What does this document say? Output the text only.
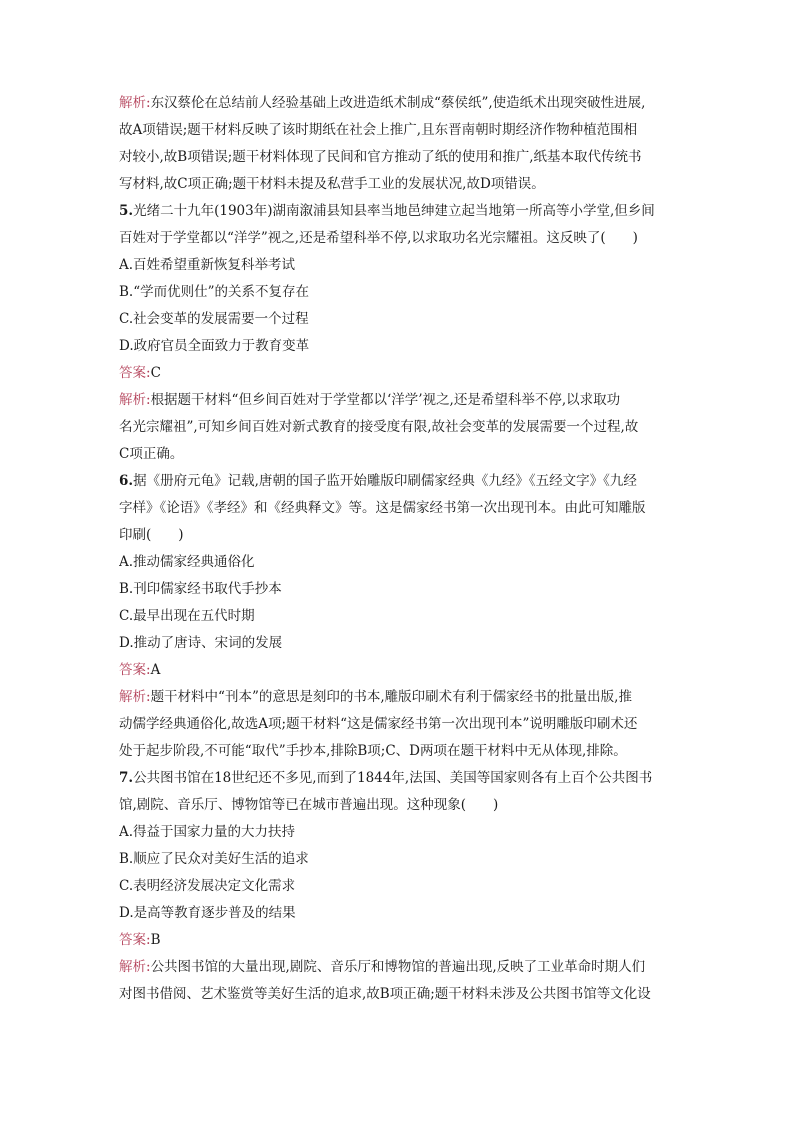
解析:东汉蔡伦在总结前人经验基础上改进造纸术制成“蔡侯纸”,使造纸术出现突破性进展,
故A项错误;题干材料反映了该时期纸在社会上推广,且东晋南朝时期经济作物种植范围相
对较小,故B项错误;题干材料体现了民间和官方推动了纸的使用和推广,纸基本取代传统书
写材料,故C项正确;题干材料未提及私营手工业的发展状况,故D项错误。
5.光绪二十九年(1903年)湖南溆浦县知县率当地邑绅建立起当地第一所高等小学堂,但乡间
百姓对于学堂都以“洋学”视之,还是希望科举不停,以求取功名光宗耀祖。这反映了(　　)
A.百姓希望重新恢复科举考试
B.“学而优则仕”的关系不复存在
C.社会变革的发展需要一个过程
D.政府官员全面致力于教育变革
答案:C
解析:根据题干材料“但乡间百姓对于学堂都以‘洋学’视之,还是希望科举不停,以求取功
名光宗耀祖”,可知乡间百姓对新式教育的接受度有限,故社会变革的发展需要一个过程,故
C项正确。
6.据《册府元龟》记载,唐朝的国子监开始雕版印刷儒家经典《九经》《五经文字》《九经
字样》《论语》《孝经》和《经典释文》等。这是儒家经书第一次出现刊本。由此可知雕版
印刷(　　)
A.推动儒家经典通俗化
B.刊印儒家经书取代手抄本
C.最早出现在五代时期
D.推动了唐诗、宋词的发展
答案:A
解析:题干材料中“刊本”的意思是刻印的书本,雕版印刷术有利于儒家经书的批量出版,推
动儒学经典通俗化,故选A项;题干材料“这是儒家经书第一次出现刊本”说明雕版印刷术还
处于起步阶段,不可能“取代”手抄本,排除B项;C、D两项在题干材料中无从体现,排除。
7.公共图书馆在18世纪还不多见,而到了1844年,法国、美国等国家则各有上百个公共图书
馆,剧院、音乐厅、博物馆等已在城市普遍出现。这种现象(　　)
A.得益于国家力量的大力扶持
B.顺应了民众对美好生活的追求
C.表明经济发展决定文化需求
D.是高等教育逐步普及的结果
答案:B
解析:公共图书馆的大量出现,剧院、音乐厅和博物馆的普遍出现,反映了工业革命时期人们
对图书借阅、艺术鉴赏等美好生活的追求,故B项正确;题干材料未涉及公共图书馆等文化设
